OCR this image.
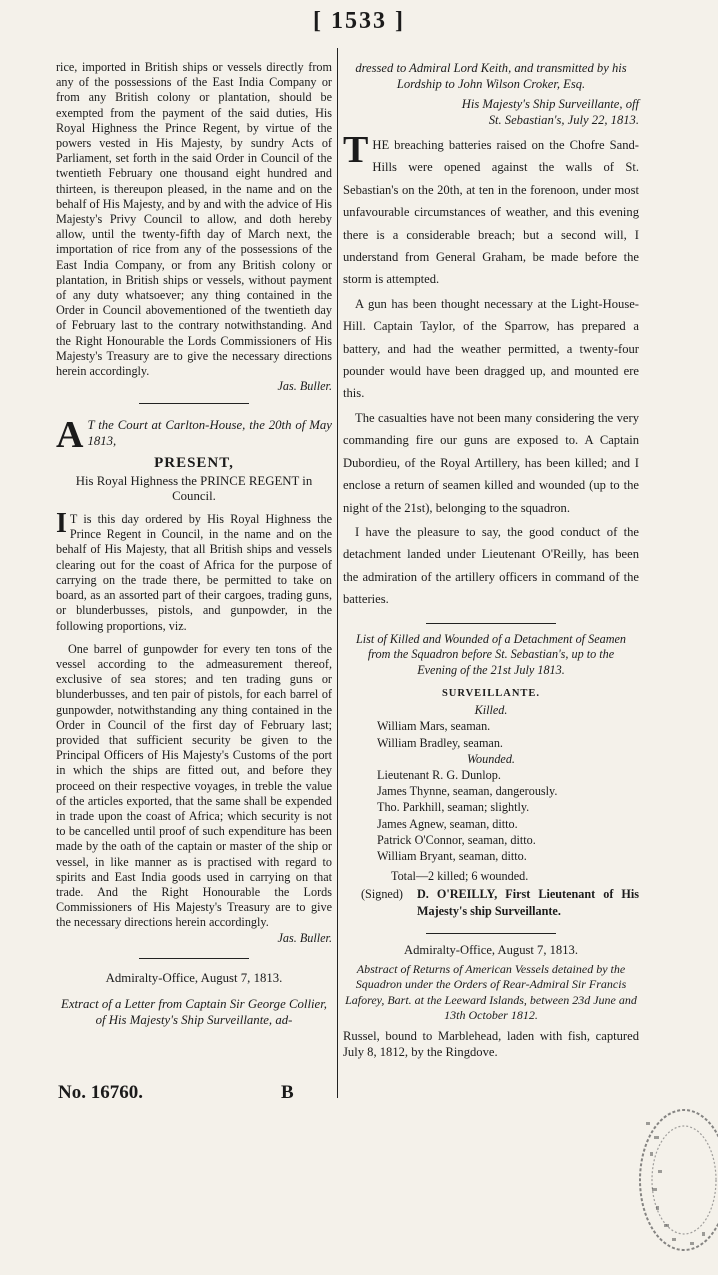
[ 1533 ]

rice, imported in British ships or vessels directly from any of the possessions of the East India Company or from any British colony or plantation, should be exempted from the payment of the said duties, His Royal Highness the Prince Regent, by virtue of the powers vested in His Majesty, by sundry Acts of Parliament, set forth in the said Order in Council of the twentieth February one thousand eight hundred and thirteen, is thereupon pleased, in the name and on the behalf of His Majesty, and by and with the advice of His Majesty's Privy Council to allow, and doth hereby allow, until the twenty-fifth day of March next, the importation of rice from any of the possessions of the East India Company, or from any British colony or plantation, in British ships or vessels, without payment of any duty whatsoever; any thing contained in the Order in Council abovementioned of the twentieth day of February last to the contrary notwithstanding. And the Right Honourable the Lords Commissioners of His Majesty's Treasury are to give the necessary directions herein accordingly.

Jas. Buller.
A T the Court at Carlton-House, the 20th of May 1813,
PRESENT,
His Royal Highness the PRINCE REGENT in Council.
I T is this day ordered by His Royal Highness the Prince Regent in Council, in the name and on the behalf of His Majesty, that all British ships and vessels clearing out for the coast of Africa for the purpose of carrying on the trade there, be permitted to take on board, as an assorted part of their cargoes, trading guns, or blunderbusses, pistols, and gunpowder, in the following proportions, viz.

One barrel of gunpowder for every ten tons of the vessel according to the admeasurement thereof, exclusive of sea stores; and ten trading guns or blunderbusses, and ten pair of pistols, for each barrel of gunpowder, notwithstanding any thing contained in the Order in Council of the first day of February last; provided that sufficient security be given to the Principal Officers of His Majesty's Customs of the port in which the ships are fitted out, and before they proceed on their respective voyages, in treble the value of the articles exported, that the same shall be expended in trade upon the coast of Africa; which security is not to be cancelled until proof of such expenditure has been made by the oath of the captain or master of the ship or vessel, in like manner as is practised with regard to spirits and East India goods used in carrying on that trade. And the Right Honourable the Lords Commissioners of His Majesty's Treasury are to give the necessary directions herein accordingly.

Jas. Buller.
Admiralty-Office, August 7, 1813.

Extract of a Letter from Captain Sir George Collier, of His Majesty's Ship Surveillante, ad-

dressed to Admiral Lord Keith, and transmitted by his Lordship to John Wilson Croker, Esq.

His Majesty's Ship Surveillante, off
St. Sebastian's, July 22, 1813.
T HE breaching batteries raised on the Chofre Sand-Hills were opened against the walls of St. Sebastian's on the 20th, at ten in the forenoon, under most unfavourable circumstances of weather, and this evening there is a considerable breach; but a second will, I understand from General Graham, be made before the storm is attempted.

A gun has been thought necessary at the Light-House-Hill. Captain Taylor, of the Sparrow, has prepared a battery, and had the weather permitted, a twenty-four pounder would have been dragged up, and mounted ere this.

The casualties have not been many considering the very commanding fire our guns are exposed to. A Captain Dubordieu, of the Royal Artillery, has been killed; and I enclose a return of seamen killed and wounded (up to the night of the 21st), belonging to the squadron.

I have the pleasure to say, the good conduct of the detachment landed under Lieutenant O'Reilly, has been the admiration of the artillery officers in command of the batteries.

List of Killed and Wounded of a Detachment of Seamen from the Squadron before St. Sebastian's, up to the Evening of the 21st July 1813.

SURVEILLANTE.
Killed.
William Mars, seaman.
William Bradley, seaman.
Wounded.
Lieutenant R. G. Dunlop.
James Thynne, seaman, dangerously.
Tho. Parkhill, seaman; slightly.
James Agnew, seaman, ditto.
Patrick O'Connor, seaman, ditto.
William Bryant, seaman, ditto.
Total—2 killed; 6 wounded.
(Signed) D. O'REILLY, First Lieutenant of His Majesty's ship Surveillante.
Admiralty-Office, August 7, 1813.

Abstract of Returns of American Vessels detained by the Squadron under the Orders of Rear-Admiral Sir Francis Laforey, Bart. at the Leeward Islands, between 23d June and 13th October 1812.

Russel, bound to Marblehead, laden with fish, captured July 8, 1812, by the Ringdove.

No. 16760.	B
